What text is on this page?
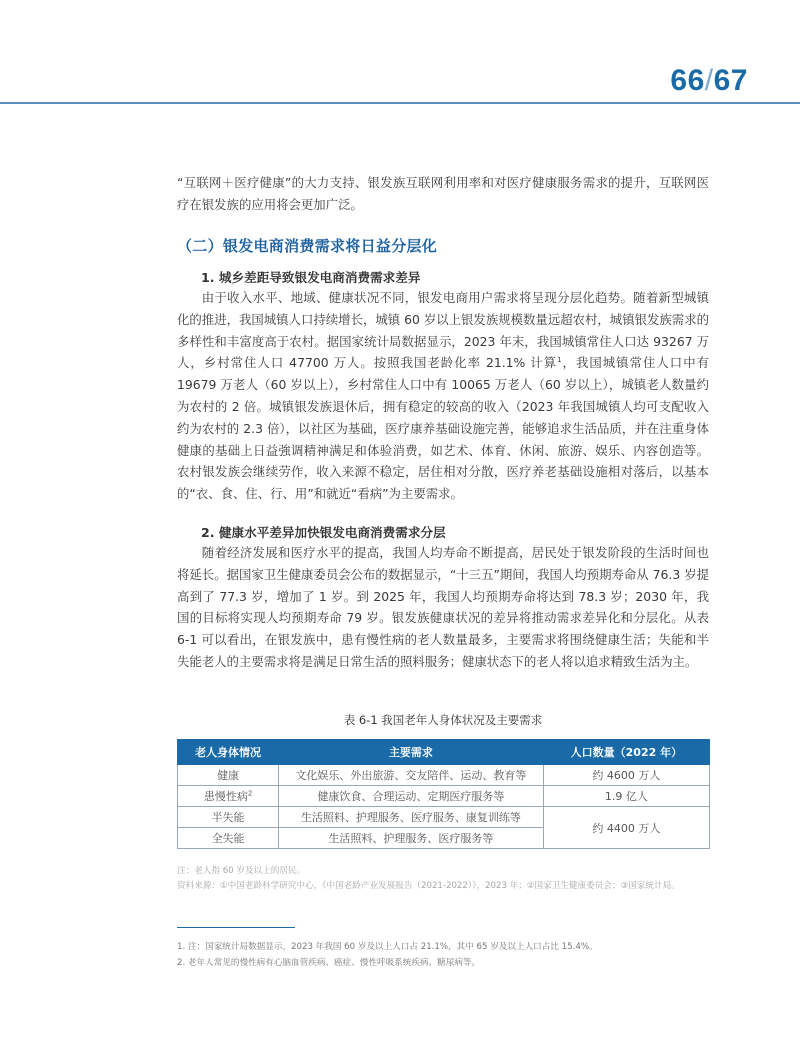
66/67

“互联网＋医疗健康”的大力支持、银发族互联网利用率和对医疗健康服务需求的提升，互联网医疗在银发族的应用将会更加广泛。

（二）银发电商消费需求将日益分层化
1. 城乡差距导致银发电商消费需求差异

由于收入水平、地域、健康状况不同，银发电商用户需求将呈现分层化趋势。随着新型城镇化的推进，我国城镇人口持续增长，城镇 60 岁以上银发族规模数量远超农村，城镇银发族需求的多样性和丰富度高于农村。据国家统计局数据显示，2023 年末，我国城镇常住人口达 93267 万人，乡村常住人口 47700 万人。按照我国老龄化率 21.1% 计算$^1$，我国城镇常住人口中有 19679 万老人（60 岁以上），乡村常住人口中有 10065 万老人（60 岁以上），城镇老人数量约为农村的 2 倍。城镇银发族退休后，拥有稳定的较高的收入（2023 年我国城镇人均可支配收入约为农村的 2.3 倍），以社区为基础，医疗康养基础设施完善，能够追求生活品质，并在注重身体健康的基础上日益強调精神满足和体验消费，如艺术、体育、休闲、旅游、娱乐、内容创造等。农村银发族会继续劳作，收入来源不稳定，居住相对分散，医疗养老基础设施相对落后，以基本的“衣、食、住、行、用”和就近“看病”为主要需求。

2. 健康水平差异加快银发电商消费需求分层

随着经济发展和医疗水平的提高，我国人均寿命不断提高，居民处于银发阶段的生活时间也将延长。据国家卫生健康委员会公布的数据显示，“十三五”期间，我国人均预期寿命从 76.3 岁提高到了 77.3 岁，增加了 1 岁。到 2025 年，我国人均预期寿命将达到 78.3 岁；2030 年，我国的目标将实现人均预期寿命 79 岁。银发族健康状况的差异将推动需求差异化和分层化。从表 6-1 可以看出，在银发族中，患有慢性病的老人数量最多，主要需求将围绕健康生活；失能和半失能老人的主要需求将是满足日常生活的照料服务；健康状态下的老人将以追求精致生活为主。

表 6-1 我国老年人身体状况及主要需求
老人身体情况	主要需求	人口数量（2022 年）
健康	文化娱乐、外出旅游、交友陪伴、运动、教育等	约 4600 万人
患慢性病$^2$	健康饮食、合理运动、定期医疗服务等	1.9 亿人
半失能	生活照料、护理服务、医疗服务、康复训练等	约 4400 万人
全失能	生活照料、护理服务、医疗服务等	
注：老人指 60 岁及以上的居民。
资料来源：①中国老龄科学研究中心，《中国老龄产业发展报告（2021-2022）》，2023 年；②国家卫生健康委员会；③国家统计局。
1. 注：国家统计局数据显示，2023 年我国 60 岁及以上人口占 21.1%，其中 65 岁及以上人口占比 15.4%。
2. 老年人常见的慢性病有心脑血管疾病、癌症、慢性呼吸系统疾病、糖尿病等。
